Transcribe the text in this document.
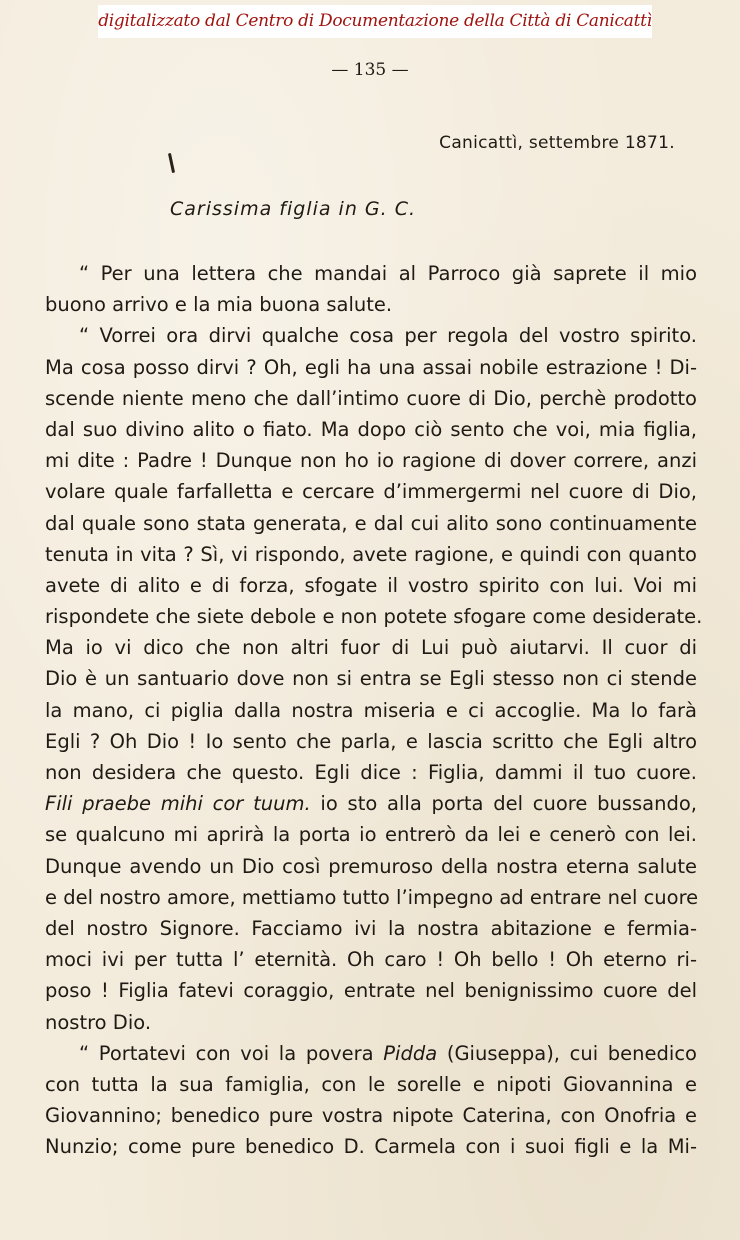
digitalizzato dal Centro di Documentazione della Città di Canicattì
— 135 —
Canicattì, settembre 1871.
Carissima figlia in G. C.
“ Per una lettera che mandai al Parroco già saprete il mio
buono arrivo e la mia buona salute.
“ Vorrei ora dirvi qualche cosa per regola del vostro spirito.
Ma cosa posso dirvi ? Oh, egli ha una assai nobile estrazione ! Di-
scende niente meno che dall’intimo cuore di Dio, perchè prodotto
dal suo divino alito o fiato. Ma dopo ciò sento che voi, mia figlia,
mi dite : Padre ! Dunque non ho io ragione di dover correre, anzi
volare quale farfalletta e cercare d’immergermi nel cuore di Dio,
dal quale sono stata generata, e dal cui alito sono continuamente
tenuta in vita ? Sì, vi rispondo, avete ragione, e quindi con quanto
avete di alito e di forza, sfogate il vostro spirito con lui. Voi mi
rispondete che siete debole e non potete sfogare come desiderate.
Ma io vi dico che non altri fuor di Lui può aiutarvi. Il cuor di
Dio è un santuario dove non si entra se Egli stesso non ci stende
la mano, ci piglia dalla nostra miseria e ci accoglie. Ma lo farà
Egli ? Oh Dio ! Io sento che parla, e lascia scritto che Egli altro
non desidera che questo. Egli dice : Figlia, dammi il tuo cuore.
Fili praebe mihi cor tuum. io sto alla porta del cuore bussando,
se qualcuno mi aprirà la porta io entrerò da lei e cenerò con lei.
Dunque avendo un Dio così premuroso della nostra eterna salute
e del nostro amore, mettiamo tutto l’impegno ad entrare nel cuore
del nostro Signore. Facciamo ivi la nostra abitazione e fermia-
moci ivi per tutta l’ eternità. Oh caro ! Oh bello ! Oh eterno ri-
poso ! Figlia fatevi coraggio, entrate nel benignissimo cuore del
nostro Dio.
“ Portatevi con voi la povera Pidda (Giuseppa), cui benedico
con tutta la sua famiglia, con le sorelle e nipoti Giovannina e
Giovannino; benedico pure vostra nipote Caterina, con Onofria e
Nunzio; come pure benedico D. Carmela con i suoi figli e la Mi-
